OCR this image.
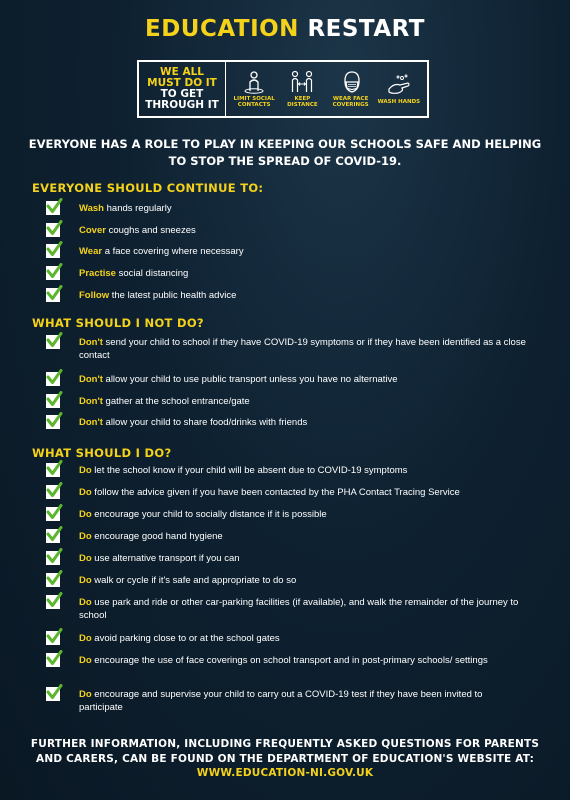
EDUCATION RESTART
WE ALL
MUST DO IT
TO GET
THROUGH IT
LIMIT SOCIAL CONTACTS
KEEP DISTANCE
WEAR FACE COVERINGS
WASH HANDS
EVERYONE HAS A ROLE TO PLAY IN KEEPING OUR SCHOOLS SAFE AND HELPING TO STOP THE SPREAD OF COVID-19.
EVERYONE SHOULD CONTINUE TO:
Wash hands regularly
Cover coughs and sneezes
Wear a face covering where necessary
Practise social distancing
Follow the latest public health advice
WHAT SHOULD I NOT DO?
Don't send your child to school if they have COVID-19 symptoms or if they have been identified as a close contact
Don't allow your child to use public transport unless you have no alternative
Don't gather at the school entrance/gate
Don't allow your child to share food/drinks with friends
WHAT SHOULD I DO?
Do let the school know if your child will be absent due to COVID-19 symptoms
Do follow the advice given if you have been contacted by the PHA Contact Tracing Service
Do encourage your child to socially distance if it is possible
Do encourage good hand hygiene
Do use alternative transport if you can
Do walk or cycle if it's safe and appropriate to do so
Do use park and ride or other car-parking facilities (if available), and walk the remainder of the journey to school
Do avoid parking close to or at the school gates
Do encourage the use of face coverings on school transport and in post-primary schools/ settings
Do encourage and supervise your child to carry out a COVID-19 test if they have been invited to participate
FURTHER INFORMATION, INCLUDING FREQUENTLY ASKED QUESTIONS FOR PARENTS AND CARERS, CAN BE FOUND ON THE DEPARTMENT OF EDUCATION'S WEBSITE AT: WWW.EDUCATION-NI.GOV.UK
